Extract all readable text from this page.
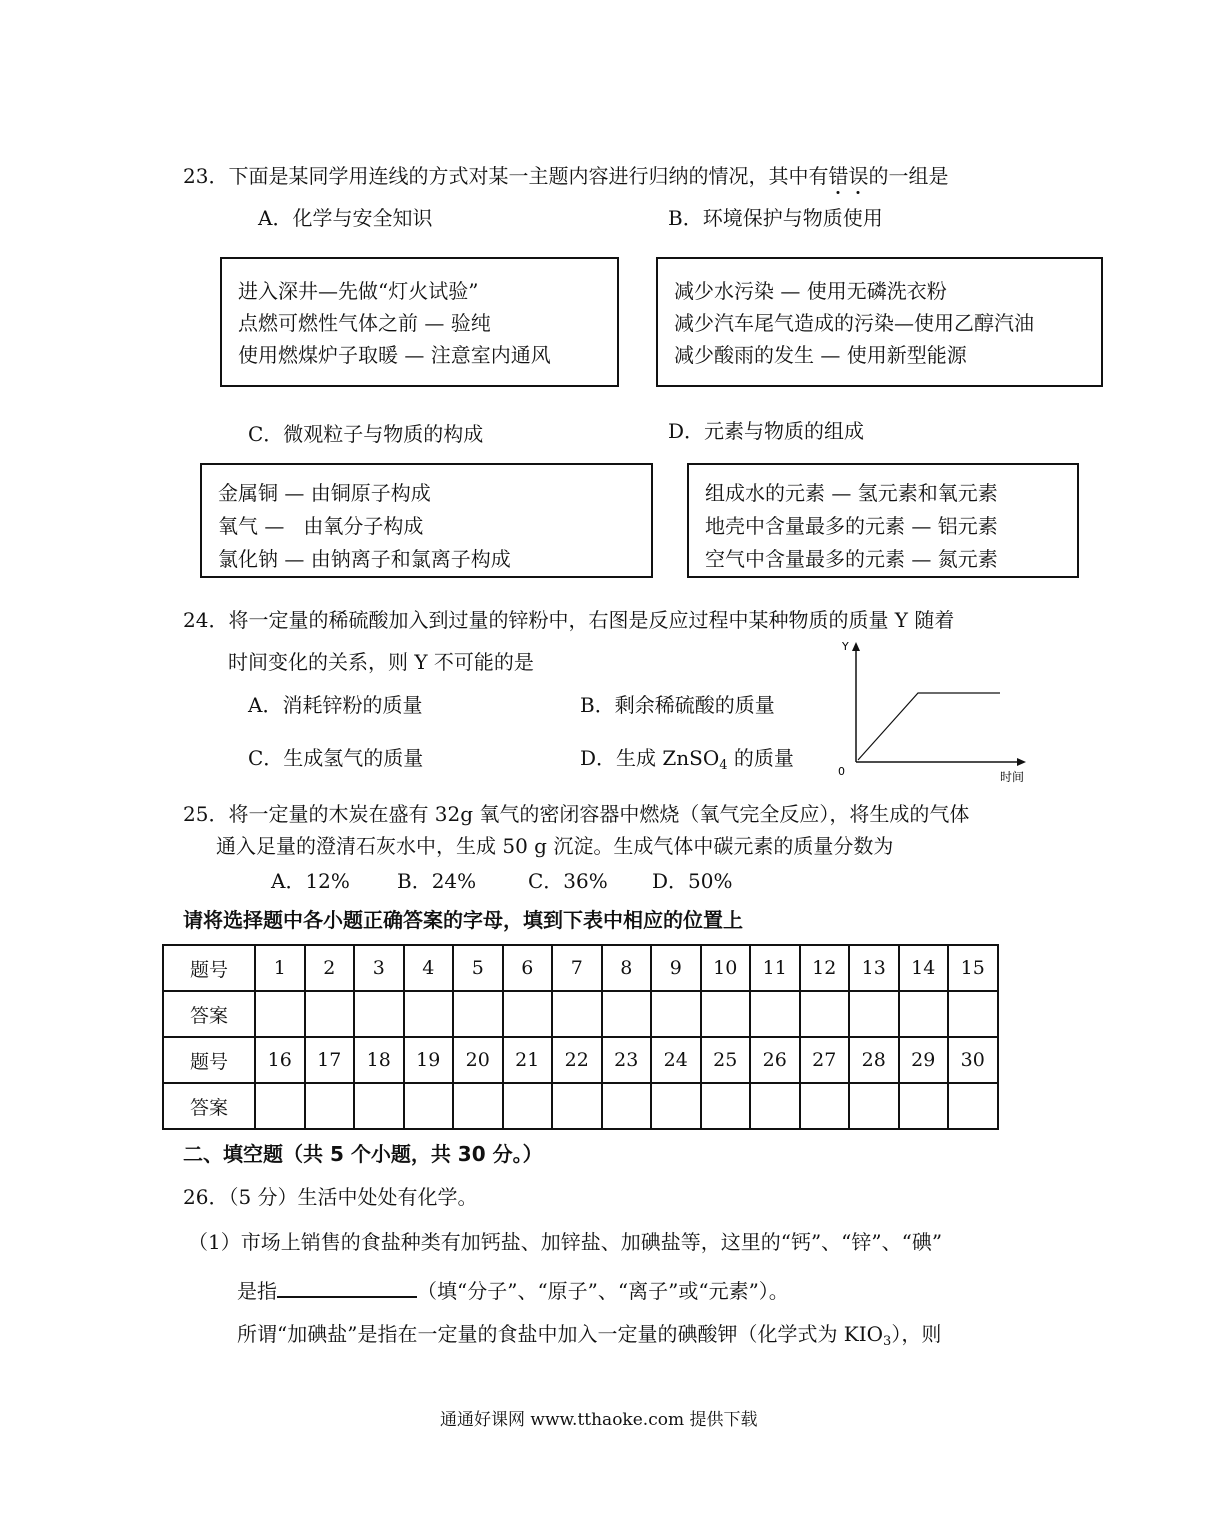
23．下面是某同学用连线的方式对某一主题内容进行归纳的情况，其中有错误的一组是
A．化学与安全知识	B．环境保护与物质使用
进入深井—先做“灯火试验”
点燃可燃性气体之前 — 验纯
使用燃煤炉子取暖 — 注意室内通风
减少水污染 — 使用无磷洗衣粉
减少汽车尾气造成的污染—使用乙醇汽油
减少酸雨的发生 — 使用新型能源
C．微观粒子与物质的构成	D．元素与物质的组成
金属铜 — 由铜原子构成
氧气 —   由氧分子构成
氯化钠 — 由钠离子和氯离子构成
组成水的元素 — 氢元素和氧元素
地壳中含量最多的元素 — 铝元素
空气中含量最多的元素 — 氮元素
24．将一定量的稀硫酸加入到过量的锌粉中，右图是反应过程中某种物质的质量 Y 随着
时间变化的关系，则 Y 不可能的是
A．消耗锌粉的质量	B．剩余稀硫酸的质量
C．生成氢气的质量	D．生成 ZnSO$_4$ 的质量
Y
0	时间
25．将一定量的木炭在盛有 32g 氧气的密闭容器中燃烧（氧气完全反应），将生成的气体
通入足量的澄清石灰水中，生成 50 g 沉淀。生成气体中碳元素的质量分数为
A．12% B．24%	C．36% D．50%
请将选择题中各小题正确答案的字母，填到下表中相应的位置上
题号	1	2	3	4	5	6	7	8	9	10	11	12	13	14	15
答案															
题号	16	17	18	19	20	21	22	23	24	25	26	27	28	29	30
答案															
二、填空题（共 5 个小题，共 30 分。）
26．（5 分）生活中处处有化学。
（1）市场上销售的食盐种类有加钙盐、加锌盐、加碘盐等，这里的“钙”、“锌”、“碘”
是指	（填“分子”、“原子”、“离子”或“元素”）。
所谓“加碘盐”是指在一定量的食盐中加入一定量的碘酸钾（化学式为 $KIO_3$），则
通通好课网 www.tthaoke.com 提供下载
